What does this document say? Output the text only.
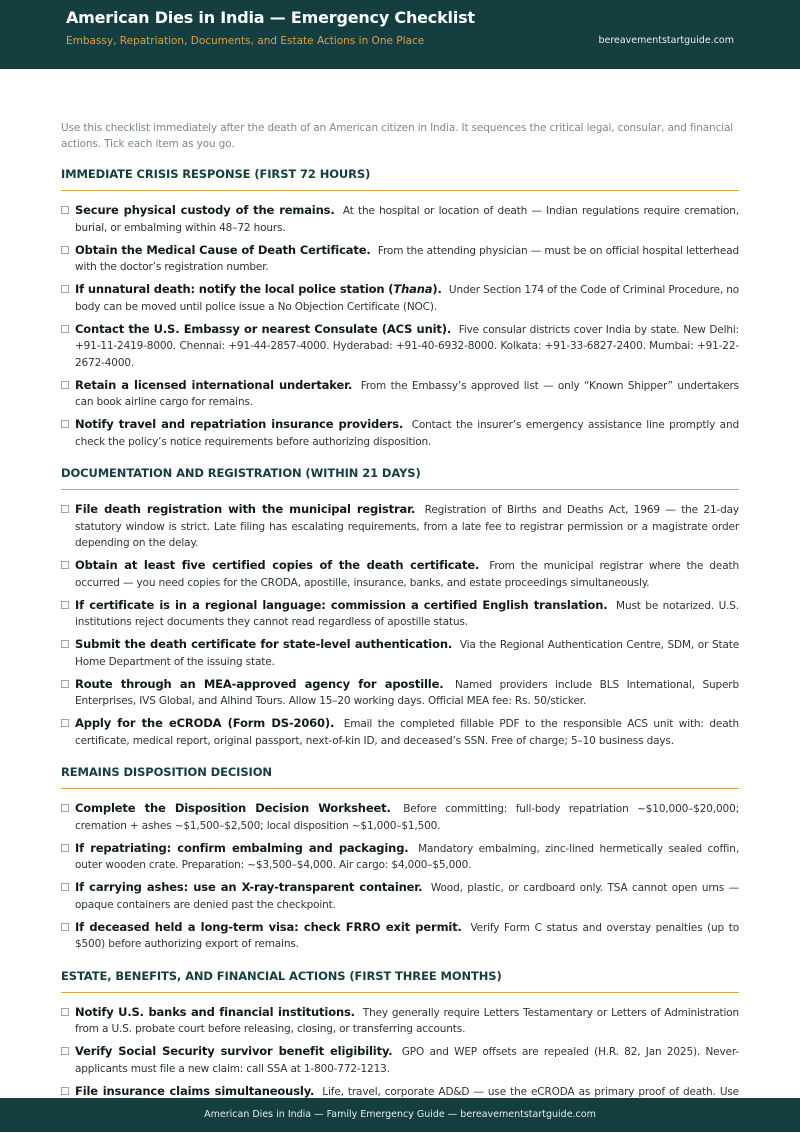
American Dies in India — Emergency Checklist
Embassy, Repatriation, Documents, and Estate Actions in One Place	bereavementstartguide.com

Use this checklist immediately after the death of an American citizen in India. It sequences the critical legal, consular, and financial actions. Tick each item as you go.

IMMEDIATE CRISIS RESPONSE (FIRST 72 HOURS)
Secure physical custody of the remains. At the hospital or location of death — Indian regulations require cremation, burial, or embalming within 48–72 hours.
Obtain the Medical Cause of Death Certificate. From the attending physician — must be on official hospital letterhead with the doctor’s registration number.
If unnatural death: notify the local police station (Thana). Under Section 174 of the Code of Criminal Procedure, no body can be moved until police issue a No Objection Certificate (NOC).
Contact the U.S. Embassy or nearest Consulate (ACS unit). Five consular districts cover India by state. New Delhi: +91-11-2419-8000. Chennai: +91-44-2857-4000. Hyderabad: +91-40-6932-8000. Kolkata: +91-33-6827-2400. Mumbai: +91-22-2672-4000.
Retain a licensed international undertaker. From the Embassy’s approved list — only “Known Shipper” undertakers can book airline cargo for remains.
Notify travel and repatriation insurance providers. Contact the insurer’s emergency assistance line promptly and check the policy’s notice requirements before authorizing disposition.
DOCUMENTATION AND REGISTRATION (WITHIN 21 DAYS)
File death registration with the municipal registrar. Registration of Births and Deaths Act, 1969 — the 21-day statutory window is strict. Late filing has escalating requirements, from a late fee to registrar permission or a magistrate order depending on the delay.
Obtain at least five certified copies of the death certificate. From the municipal registrar where the death occurred — you need copies for the CRODA, apostille, insurance, banks, and estate proceedings simultaneously.
If certificate is in a regional language: commission a certified English translation. Must be notarized. U.S. institutions reject documents they cannot read regardless of apostille status.
Submit the death certificate for state-level authentication. Via the Regional Authentication Centre, SDM, or State Home Department of the issuing state.
Route through an MEA-approved agency for apostille. Named providers include BLS International, Superb Enterprises, IVS Global, and Alhind Tours. Allow 15–20 working days. Official MEA fee: Rs. 50/sticker.
Apply for the eCRODA (Form DS-2060). Email the completed fillable PDF to the responsible ACS unit with: death certificate, medical report, original passport, next-of-kin ID, and deceased’s SSN. Free of charge; 5–10 business days.
REMAINS DISPOSITION DECISION
Complete the Disposition Decision Worksheet. Before committing: full-body repatriation ~$10,000–$20,000; cremation + ashes ~$1,500–$2,500; local disposition ~$1,000–$1,500.
If repatriating: confirm embalming and packaging. Mandatory embalming, zinc-lined hermetically sealed coffin, outer wooden crate. Preparation: ~$3,500–$4,000. Air cargo: $4,000–$5,000.
If carrying ashes: use an X-ray-transparent container. Wood, plastic, or cardboard only. TSA cannot open urns — opaque containers are denied past the checkpoint.
If deceased held a long-term visa: check FRRO exit permit. Verify Form C status and overstay penalties (up to $500) before authorizing export of remains.
ESTATE, BENEFITS, AND FINANCIAL ACTIONS (FIRST THREE MONTHS)
Notify U.S. banks and financial institutions. They generally require Letters Testamentary or Letters of Administration from a U.S. probate court before releasing, closing, or transferring accounts.
Verify Social Security survivor benefit eligibility. GPO and WEP offsets are repealed (H.R. 82, Jan 2025). Never-applicants must file a new claim: call SSA at 1-800-772-1213.
File insurance claims simultaneously. Life, travel, corporate AD&D — use the eCRODA as primary proof of death. Use
American Dies in India — Family Emergency Guide — bereavementstartguide.com
